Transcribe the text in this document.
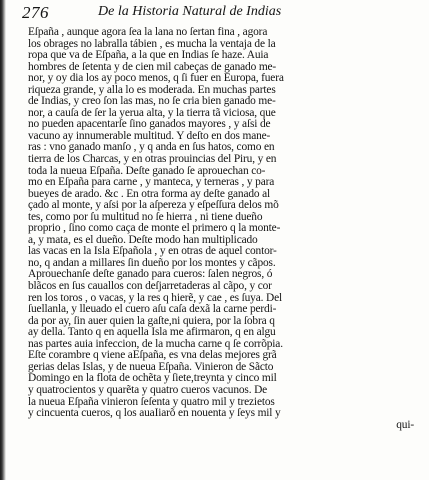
276	De la Historia Natural de Indias
Eſpaña , aunque agora ſea la lana no ſertan fina , agora
los obrages no labralla tábien , es mucha la ventaja de la
ropa que va de Eſpaña, a la que en Indias ſe haze. Auia
hombres de ſetenta y de cien mil cabeças de ganado me-
nor, y oy dia los ay poco menos, q ſi fuer en Europa, fuera
riqueza grande, y alla lo es moderada. En muchas partes
de Indias, y creo ſon las mas, no ſe cria bien ganado me-
nor, a cauſa de ſer la yerua alta, y la tierra tã viciosa, que
no pueden apacentarſe ſino ganados mayores , y aſsi de
vacuno ay innumerable multitud. Y deſto en dos mane-
ras : vno ganado manſo , y q anda en ſus hatos, como en
tierra de los Charcas, y en otras prouincias del Piru, y en
toda la nueua Eſpaña. Deſte ganado ſe aprouechan co-
mo en Eſpaña para carne , y manteca, y terneras , y para
bueyes de arado. &c . En otra forma ay deſte ganado al
çado al monte, y aſsi por la aſpereza y eſpeſſura delos mõ
tes, como por ſu multitud no ſe hierra , ni tiene dueño
proprio , ſino como caça de monte el primero q la monte-
a, y mata, es el dueño. Deſte modo han multiplicado
las vacas en la Isla Eſpañola , y en otras de aquel contor-
no, q andan a millares ſin dueño por los montes y cãpos.
Aprouechanſe deſte ganado para cueros: ſalen negros, ó
blãcos en ſus cauallos con deſjarretaderas al cãpo, y cor
ren los toros , o vacas, y la res q hierẽ, y cae , es ſuya. Del
ſuellanla, y lleuado el cuero aſu caſa dexã la carne perdi-
da por ay, ſin auer quien la gaſte,ni quiera, por la ſobra q
ay della. Tanto q en aquella Isla me afirmaron, q en algu
nas partes auia infeccion, de la mucha carne q ſe corrõpia.
Eſte corambre q viene aEſpaña, es vna delas mejores grã
gerias delas Islas, y de nueua Eſpaña. Vinieron de Sãcto
Domingo en la flota de ochẽta y ſiete,treynta y cinco mil
y quatrocientos y quarẽta y quatro cueros vacunos. De
la nueua Eſpaña vinieron ſeſenta y quatro mil y trezietos
y cincuenta cueros, q los auaIiarõ en nouenta y ſeys mil y
qui-
